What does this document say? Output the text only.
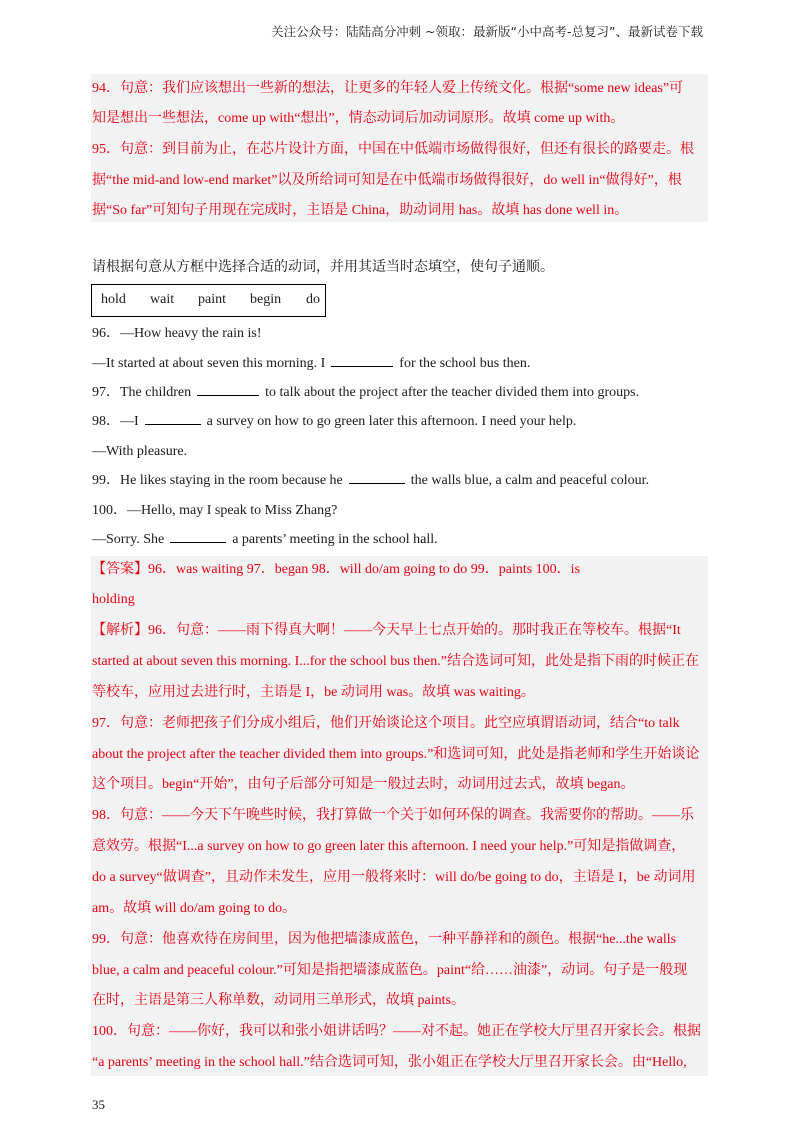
关注公众号：陆陆高分冲刺 ~领取：最新版“小中高考-总复习”、最新试卷下载
94．句意：我们应该想出一些新的想法，让更多的年轻人爱上传统文化。根据“some new ideas”可
知是想出一些想法，come up with“想出”，情态动词后加动词原形。故填 come up with。
95．句意：到目前为止，在芯片设计方面，中国在中低端市场做得很好，但还有很长的路要走。根
据“the mid-and low-end market”以及所给词可知是在中低端市场做得很好，do well in“做得好”，根
据“So far”可知句子用现在完成时，主语是 China，助动词用 has。故填 has done well in。
请根据句意从方框中选择合适的动词，并用其适当时态填空，使句子通顺。
hold wait paint begin do
96．—How heavy the rain is!
—It started at about seven this morning. I	for the school bus then.
97．The children	to talk about the project after the teacher divided them into groups.
98．—I	a survey on how to go green later this afternoon. I need your help.
—With pleasure.
99．He likes staying in the room because he	the walls blue, a calm and peaceful colour.
100．—Hello, may I speak to Miss Zhang?
—Sorry. She	a parents’ meeting in the school hall.
【答案】96．was waiting 97．began 98．will do/am going to do 99．paints 100．is
holding
【解析】96．句意：——雨下得真大啊！——今天早上七点开始的。那时我正在等校车。根据“It
started at about seven this morning. I...for the school bus then.”结合选词可知，此处是指下雨的时候正在
等校车，应用过去进行时，主语是 I，be 动词用 was。故填 was waiting。
97．句意：老师把孩子们分成小组后，他们开始谈论这个项目。此空应填谓语动词，结合“to talk
about the project after the teacher divided them into groups.”和选词可知，此处是指老师和学生开始谈论
这个项目。begin“开始”，由句子后部分可知是一般过去时，动词用过去式，故填 began。
98．句意：——今天下午晚些时候，我打算做一个关于如何环保的调查。我需要你的帮助。——乐
意效劳。根据“I...a survey on how to go green later this afternoon. I need your help.”可知是指做调查，
do a survey“做调查”，且动作未发生，应用一般将来时：will do/be going to do，主语是 I，be 动词用
am。故填 will do/am going to do。
99．句意：他喜欢待在房间里，因为他把墙漆成蓝色，一种平静祥和的颜色。根据“he...the walls
blue, a calm and peaceful colour.”可知是指把墙漆成蓝色。paint“给……油漆”，动词。句子是一般现
在时，主语是第三人称单数，动词用三单形式，故填 paints。
100．句意：——你好，我可以和张小姐讲话吗？——对不起。她正在学校大厅里召开家长会。根据
“a parents’ meeting in the school hall.”结合选词可知，张小姐正在学校大厅里召开家长会。由“Hello,
35
